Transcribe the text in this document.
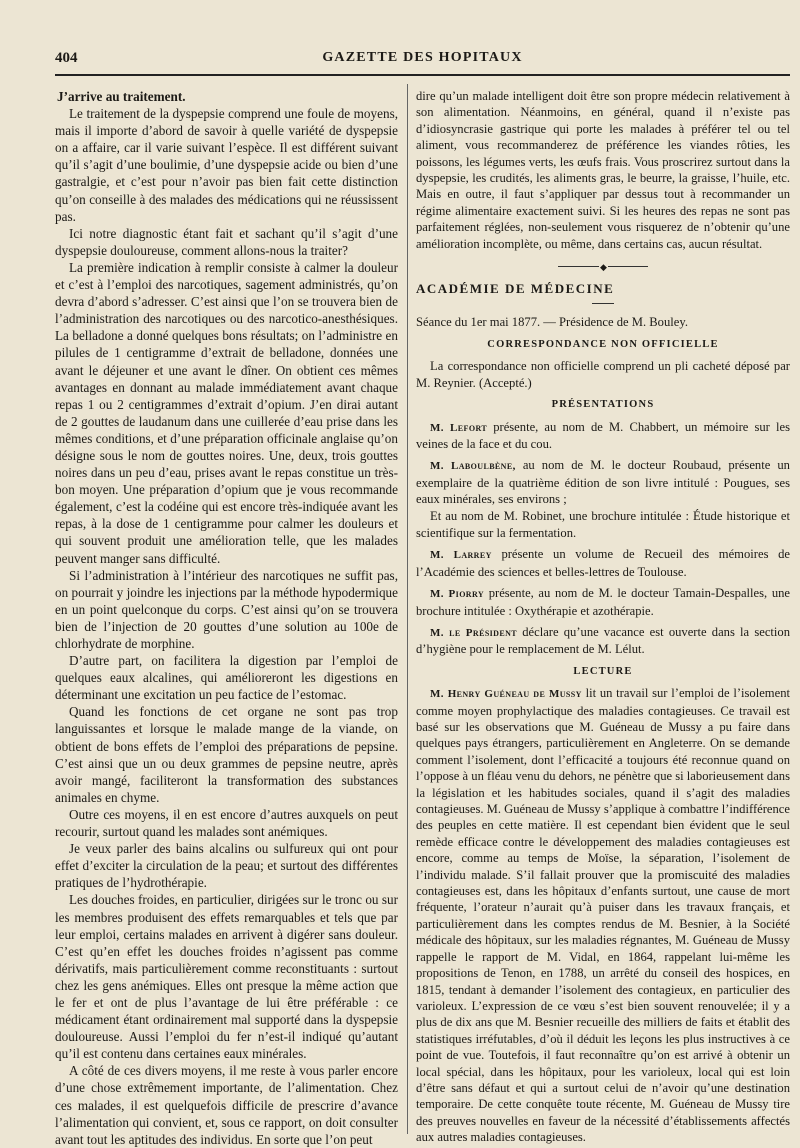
404	GAZETTE DES HOPITAUX

J’arrive au traitement.

Le traitement de la dyspepsie comprend une foule de moyens, mais il importe d’abord de savoir à quelle variété de dyspepsie on a affaire, car il varie suivant l’espèce. Il est différent suivant qu’il s’agit d’une boulimie, d’une dyspepsie acide ou bien d’une gastralgie, et c’est pour n’avoir pas bien fait cette distinction qu’on conseille à des malades des médications qui ne réussissent pas.

Ici notre diagnostic étant fait et sachant qu’il s’agit d’une dyspepsie douloureuse, comment allons-nous la traiter?

La première indication à remplir consiste à calmer la douleur et c’est à l’emploi des narcotiques, sagement administrés, qu’on devra d’abord s’adresser. C’est ainsi que l’on se trouvera bien de l’administration des narcotiques ou des narcotico-anesthésiques. La belladone a donné quelques bons résultats; on l’administre en pilules de 1 centigramme d’extrait de belladone, données une avant le déjeuner et une avant le dîner. On obtient ces mêmes avantages en donnant au malade immédiatement avant chaque repas 1 ou 2 centigrammes d’extrait d’opium. J’en dirai autant de 2 gouttes de laudanum dans une cuillerée d’eau prise dans les mêmes conditions, et d’une préparation officinale anglaise qu’on désigne sous le nom de gouttes noires. Une, deux, trois gouttes noires dans un peu d’eau, prises avant le repas constitue un très-bon moyen. Une préparation d’opium que je vous recommande également, c’est la codéine qui est encore très-indiquée avant les repas, à la dose de 1 centigramme pour calmer les douleurs et qui souvent produit une amélioration telle, que les malades peuvent manger sans difficulté.

Si l’administration à l’intérieur des narcotiques ne suffit pas, on pourrait y joindre les injections par la méthode hypodermique en un point quelconque du corps. C’est ainsi qu’on se trouvera bien de l’injection de 20 gouttes d’une solution au 100e de chlorhydrate de morphine.

D’autre part, on facilitera la digestion par l’emploi de quelques eaux alcalines, qui amélioreront les digestions en déterminant une excitation un peu factice de l’estomac.

Quand les fonctions de cet organe ne sont pas trop languissantes et lorsque le malade mange de la viande, on obtient de bons effets de l’emploi des préparations de pepsine. C’est ainsi que un ou deux grammes de pepsine neutre, après avoir mangé, faciliteront la transformation des substances animales en chyme.

Outre ces moyens, il en est encore d’autres auxquels on peut recourir, surtout quand les malades sont anémiques.

Je veux parler des bains alcalins ou sulfureux qui ont pour effet d’exciter la circulation de la peau; et surtout des différentes pratiques de l’hydrothérapie.

Les douches froides, en particulier, dirigées sur le tronc ou sur les membres produisent des effets remarquables et tels que par leur emploi, certains malades en arrivent à digérer sans douleur. C’est qu’en effet les douches froides n’agissent pas comme dérivatifs, mais particulièrement comme reconstituants : surtout chez les gens anémiques. Elles ont presque la même action que le fer et ont de plus l’avantage de lui être préférable : ce médicament étant ordinairement mal supporté dans la dyspepsie douloureuse. Aussi l’emploi du fer n’est-il indiqué qu’autant qu’il est contenu dans certaines eaux minérales.

A côté de ces divers moyens, il me reste à vous parler encore d’une chose extrêmement importante, de l’alimentation. Chez ces malades, il est quelquefois difficile de prescrire d’avance l’alimentation qui convient, et, sous ce rapport, on doit consulter avant tout les aptitudes des individus. En sorte que l’on peut

dire qu’un malade intelligent doit être son propre médecin relativement à son alimentation. Néanmoins, en général, quand il n’existe pas d’idiosyncrasie gastrique qui porte les malades à préférer tel ou tel aliment, vous recommanderez de préférence les viandes rôties, les poissons, les légumes verts, les œufs frais. Vous proscrirez surtout dans la dyspepsie, les crudités, les aliments gras, le beurre, la graisse, l’huile, etc. Mais en outre, il faut s’appliquer par dessus tout à recommander un régime alimentaire exactement suivi. Si les heures des repas ne sont pas parfaitement réglées, non-seulement vous risquerez de n’obtenir qu’une amélioration incomplète, ou même, dans certains cas, aucun résultat.

◆

ACADÉMIE DE MÉDECINE

Séance du 1er mai 1877. — Présidence de M. Bouley.

CORRESPONDANCE NON OFFICIELLE

La correspondance non officielle comprend un pli cacheté déposé par M. Reynier. (Accepté.)

PRÉSENTATIONS

M. Lefort présente, au nom de M. Chabbert, un mémoire sur les veines de la face et du cou.

M. Laboulbène, au nom de M. le docteur Roubaud, présente un exemplaire de la quatrième édition de son livre intitulé : Pougues, ses eaux minérales, ses environs ;

Et au nom de M. Robinet, une brochure intitulée : Étude historique et scientifique sur la fermentation.

M. Larrey présente un volume de Recueil des mémoires de l’Académie des sciences et belles-lettres de Toulouse.

M. Piorry présente, au nom de M. le docteur Tamain-Despalles, une brochure intitulée : Oxythérapie et azothérapie.

M. le Président déclare qu’une vacance est ouverte dans la section d’hygiène pour le remplacement de M. Lélut.

LECTURE

M. Henry Guéneau de Mussy lit un travail sur l’emploi de l’isolement comme moyen prophylactique des maladies contagieuses. Ce travail est basé sur les observations que M. Guéneau de Mussy a pu faire dans quelques pays étrangers, particulièrement en Angleterre. On se demande comment l’isolement, dont l’efficacité a toujours été reconnue quand on l’oppose à un fléau venu du dehors, ne pénètre que si laborieusement dans la législation et les habitudes sociales, quand il s’agit des maladies contagieuses. M. Guéneau de Mussy s’applique à combattre l’indifférence des peuples en cette matière. Il est cependant bien évident que le seul remède efficace contre le développement des maladies contagieuses est encore, comme au temps de Moïse, la séparation, l’isolement de l’individu malade. S’il fallait prouver que la promiscuité des maladies contagieuses est, dans les hôpitaux d’enfants surtout, une cause de mort fréquente, l’orateur n’aurait qu’à puiser dans les travaux français, et particulièrement dans les comptes rendus de M. Besnier, à la Société médicale des hôpitaux, sur les maladies régnantes, M. Guéneau de Mussy rappelle le rapport de M. Vidal, en 1864, rappelant lui-même les propositions de Tenon, en 1788, un arrêté du conseil des hospices, en 1815, tendant à demander l’isolement des contagieux, en particulier des varioleux. L’expression de ce vœu s’est bien souvent renouvelée; il y a plus de dix ans que M. Besnier recueille des milliers de faits et établit des statistiques irréfutables, d’où il déduit les leçons les plus instructives à ce point de vue. Toutefois, il faut reconnaître qu’on est arrivé à obtenir un local spécial, dans les hôpitaux, pour les varioleux, local qui est loin d’être sans défaut et qui a surtout celui de n’avoir qu’une destination temporaire. De cette conquête toute récente, M. Guéneau de Mussy tire des preuves nouvelles en faveur de la nécessité d’établissements affectés aux autres maladies contagieuses.
